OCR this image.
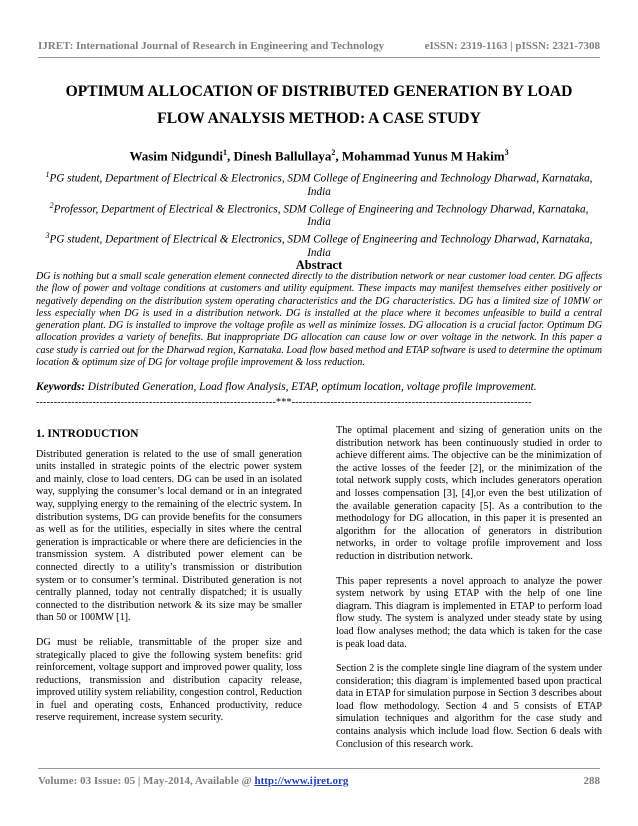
IJRET: International Journal of Research in Engineering and Technology	eISSN: 2319-1163 | pISSN: 2321-7308
OPTIMUM ALLOCATION OF DISTRIBUTED GENERATION BY LOAD
FLOW ANALYSIS METHOD: A CASE STUDY
Wasim Nidgundi$^1$, Dinesh Ballullaya$^2$, Mohammad Yunus M Hakim$^3$
$^1$PG student, Department of Electrical & Electronics, SDM College of Engineering and Technology Dharwad, Karnataka,
India
$^2$Professor, Department of Electrical & Electronics, SDM College of Engineering and Technology Dharwad, Karnataka,
India
$^3$PG student, Department of Electrical & Electronics, SDM College of Engineering and Technology Dharwad, Karnataka,
India
Abstract
DG is nothing but a small scale generation element connected directly to the distribution network or near customer load center. DG affects the flow of power and voltage conditions at customers and utility equipment. These impacts may manifest themselves either positively or negatively depending on the distribution system operating characteristics and the DG characteristics. DG has a limited size of 10MW or less especially when DG is used in a distribution network. DG is installed at the place where it becomes unfeasible to build a central generation plant. DG is installed to improve the voltage profile as well as minimize losses. DG allocation is a crucial factor. Optimum DG allocation provides a variety of benefits. But inappropriate DG allocation can cause low or over voltage in the network. In this paper a case study is carried out for the Dharwad region, Karnataka. Load flow based method and ETAP software is used to determine the optimum location & optimum size of DG for voltage profile improvement & loss reduction.
Keywords: Distributed Generation, Load flow Analysis, ETAP, optimum location, voltage profile improvement.
--------------------------------------------------------------------***--------------------------------------------------------------------
1. INTRODUCTION

Distributed generation is related to the use of small generation units installed in strategic points of the electric power system and mainly, close to load centers. DG can be used in an isolated way, supplying the consumer’s local demand or in an integrated way, supplying energy to the remaining of the electric system. In distribution systems, DG can provide benefits for the consumers as well as for the utilities, especially in sites where the central generation is impracticable or where there are deficiencies in the transmission system. A distributed power element can be connected directly to a utility’s transmission or distribution system or to consumer’s terminal. Distributed generation is not centrally planned, today not centrally dispatched; it is usually connected to the distribution network & its size may be smaller than 50 or 100MW [1].

DG must be reliable, transmittable of the proper size and strategically placed to give the following system benefits: grid reinforcement, voltage support and improved power quality, loss reductions, transmission and distribution capacity release, improved utility system reliability, congestion control, Reduction in fuel and operating costs, Enhanced productivity, reduce reserve requirement, increase system security.

The optimal placement and sizing of generation units on the distribution network has been continuously studied in order to achieve different aims. The objective can be the minimization of the active losses of the feeder [2], or the minimization of the total network supply costs, which includes generators operation and losses compensation [3], [4],or even the best utilization of the available generation capacity [5]. As a contribution to the methodology for DG allocation, in this paper it is presented an algorithm for the allocation of generators in distribution networks, in order to voltage profile improvement and loss reduction in distribution network.

This paper represents a novel approach to analyze the power system network by using ETAP with the help of one line diagram. This diagram is implemented in ETAP to perform load flow study. The system is analyzed under steady state by using load flow analyses method; the data which is taken for the case is peak load data.

Section 2 is the complete single line diagram of the system under consideration; this diagram is implemented based upon practical data in ETAP for simulation purpose in Section 3 describes about load flow methodology. Section 4 and 5 consists of ETAP simulation techniques and algorithm for the case study and contains analysis which include load flow. Section 6 deals with Conclusion of this research work.

Volume: 03 Issue: 05 | May-2014, Available @ http://www.ijret.org	288
